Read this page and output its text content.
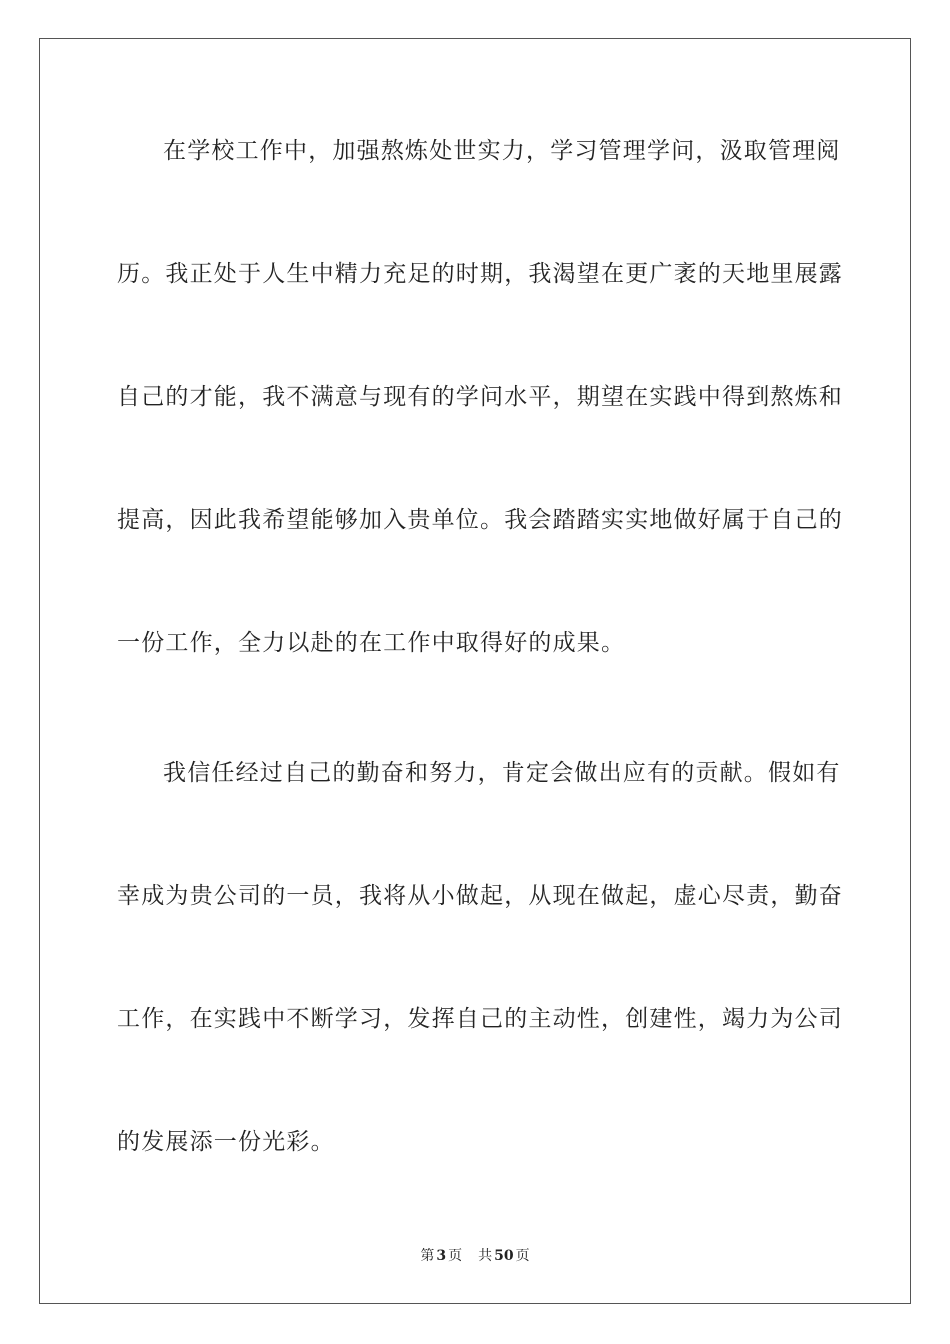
在学校工作中，加强熬炼处世实力，学习管理学问，汲取管理阅
历。我正处于人生中精力充足的时期，我渴望在更广袤的天地里展露
自己的才能，我不满意与现有的学问水平，期望在实践中得到熬炼和
提高，因此我希望能够加入贵单位。我会踏踏实实地做好属于自己的
一份工作，全力以赴的在工作中取得好的成果。
我信任经过自己的勤奋和努力，肯定会做出应有的贡献。假如有
幸成为贵公司的一员，我将从小做起，从现在做起，虚心尽责，勤奋
工作，在实践中不断学习，发挥自己的主动性，创建性，竭力为公司
的发展添一份光彩。
第 3 页 共 50 页
